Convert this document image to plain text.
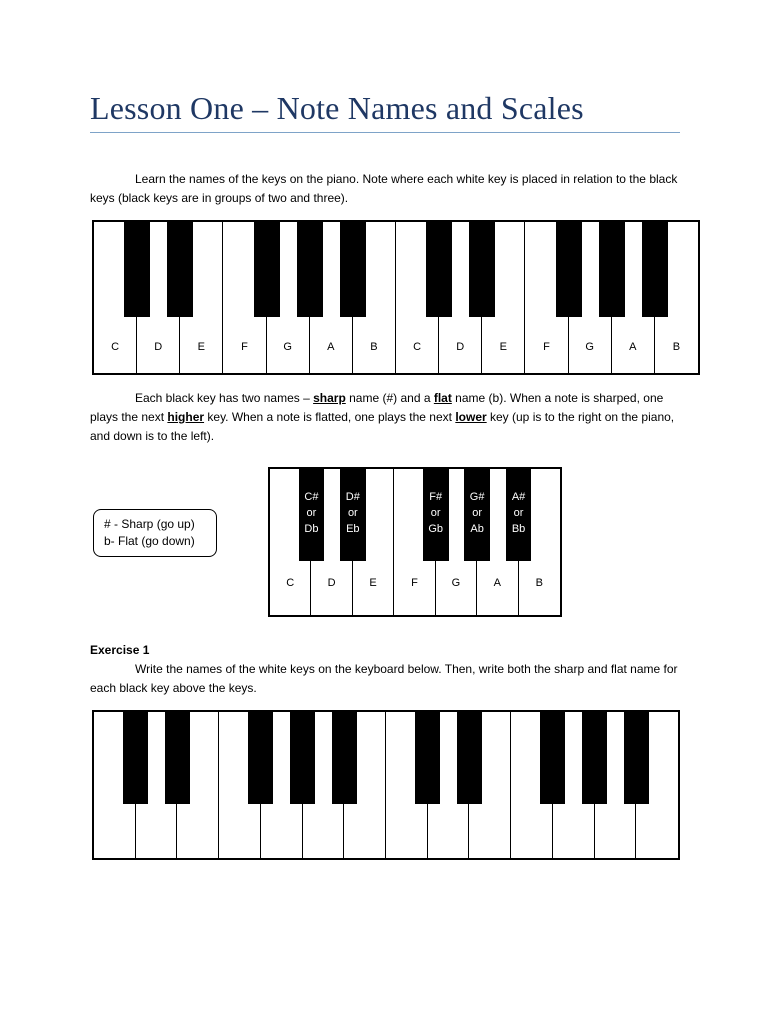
Lesson One – Note Names and Scales

Learn the names of the keys on the piano. Note where each white key is placed in relation to the black keys (black keys are in groups of two and three).

C	D	E	F	G	A	B	C	D	E	F	G	A	B

Each black key has two names – sharp name (#) and a flat name (b). When a note is sharped, one plays the next higher key. When a note is flatted, one plays the next lower key (up is to the right on the piano, and down is to the left).

# - Sharp (go up)
b- Flat (go down)
C	D	E	F	G	A	B
C#
or
Db
D#
or
Eb
F#
or
Gb
G#
or
Ab
A#
or
Bb
Exercise 1

Write the names of the white keys on the keyboard below. Then, write both the sharp and flat name for each black key above the keys.
